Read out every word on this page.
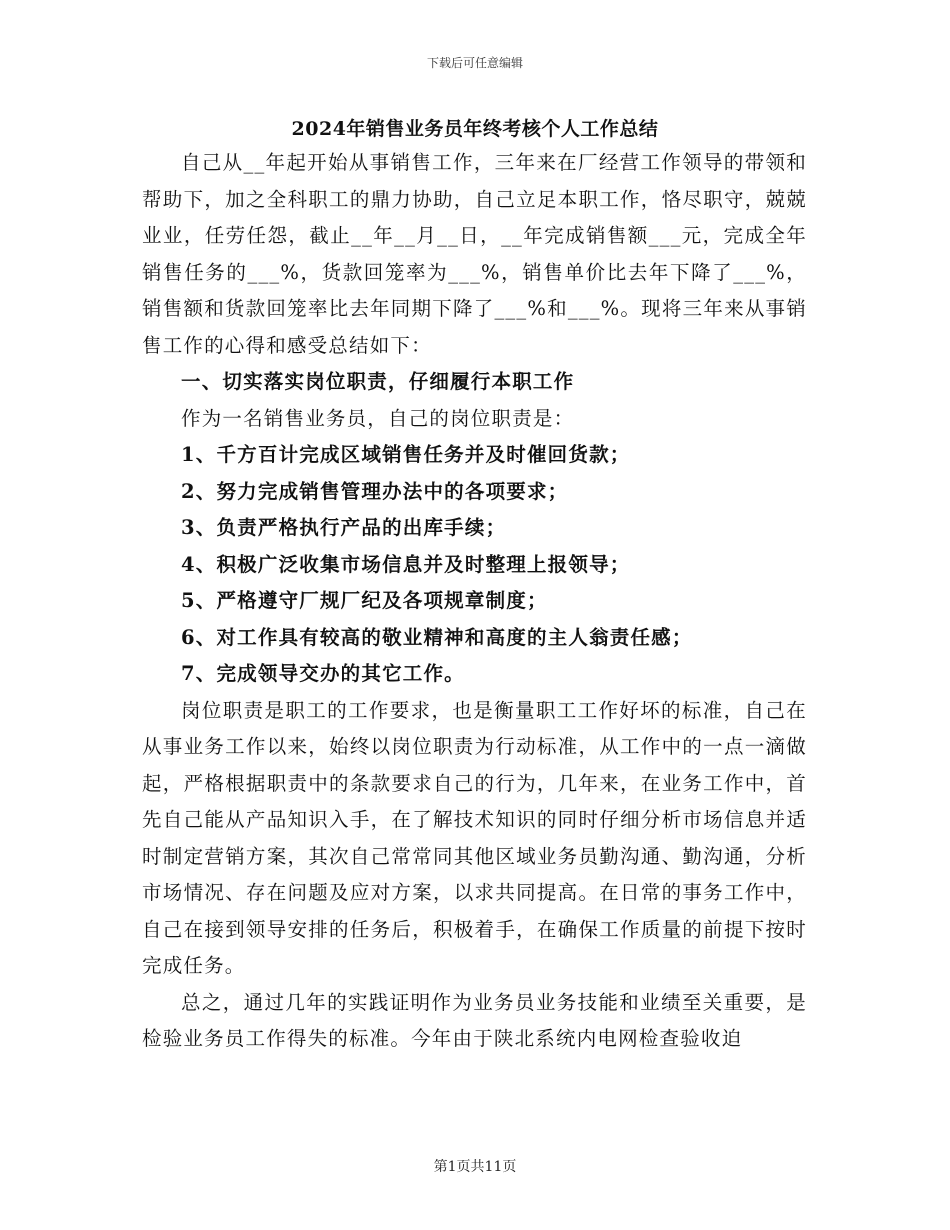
下载后可任意编辑
2024年销售业务员年终考核个人工作总结

自己从__年起开始从事销售工作，三年来在厂经营工作领导的带领和帮助下，加之全科职工的鼎力协助，自己立足本职工作，恪尽职守，兢兢业业，任劳任怨，截止__年__月__日，__年完成销售额___元，完成全年销售任务的___%，货款回笼率为___%，销售单价比去年下降了___%，销售额和货款回笼率比去年同期下降了___%和___%。现将三年来从事销售工作的心得和感受总结如下：

一、切实落实岗位职责，仔细履行本职工作

作为一名销售业务员，自己的岗位职责是：

1、千方百计完成区域销售任务并及时催回货款；

2、努力完成销售管理办法中的各项要求；

3、负责严格执行产品的出库手续；

4、积极广泛收集市场信息并及时整理上报领导；

5、严格遵守厂规厂纪及各项规章制度；

6、对工作具有较高的敬业精神和高度的主人翁责任感；

7、完成领导交办的其它工作。

岗位职责是职工的工作要求，也是衡量职工工作好坏的标准，自己在从事业务工作以来，始终以岗位职责为行动标准，从工作中的一点一滴做起，严格根据职责中的条款要求自己的行为，几年来，在业务工作中，首先自己能从产品知识入手，在了解技术知识的同时仔细分析市场信息并适时制定营销方案，其次自己常常同其他区域业务员勤沟通、勤沟通，分析市场情况、存在问题及应对方案，以求共同提高。在日常的事务工作中，自己在接到领导安排的任务后，积极着手，在确保工作质量的前提下按时完成任务。

总之，通过几年的实践证明作为业务员业务技能和业绩至关重要，是检验业务员工作得失的标准。今年由于陕北系统内电网检查验收迫

第1页共11页
